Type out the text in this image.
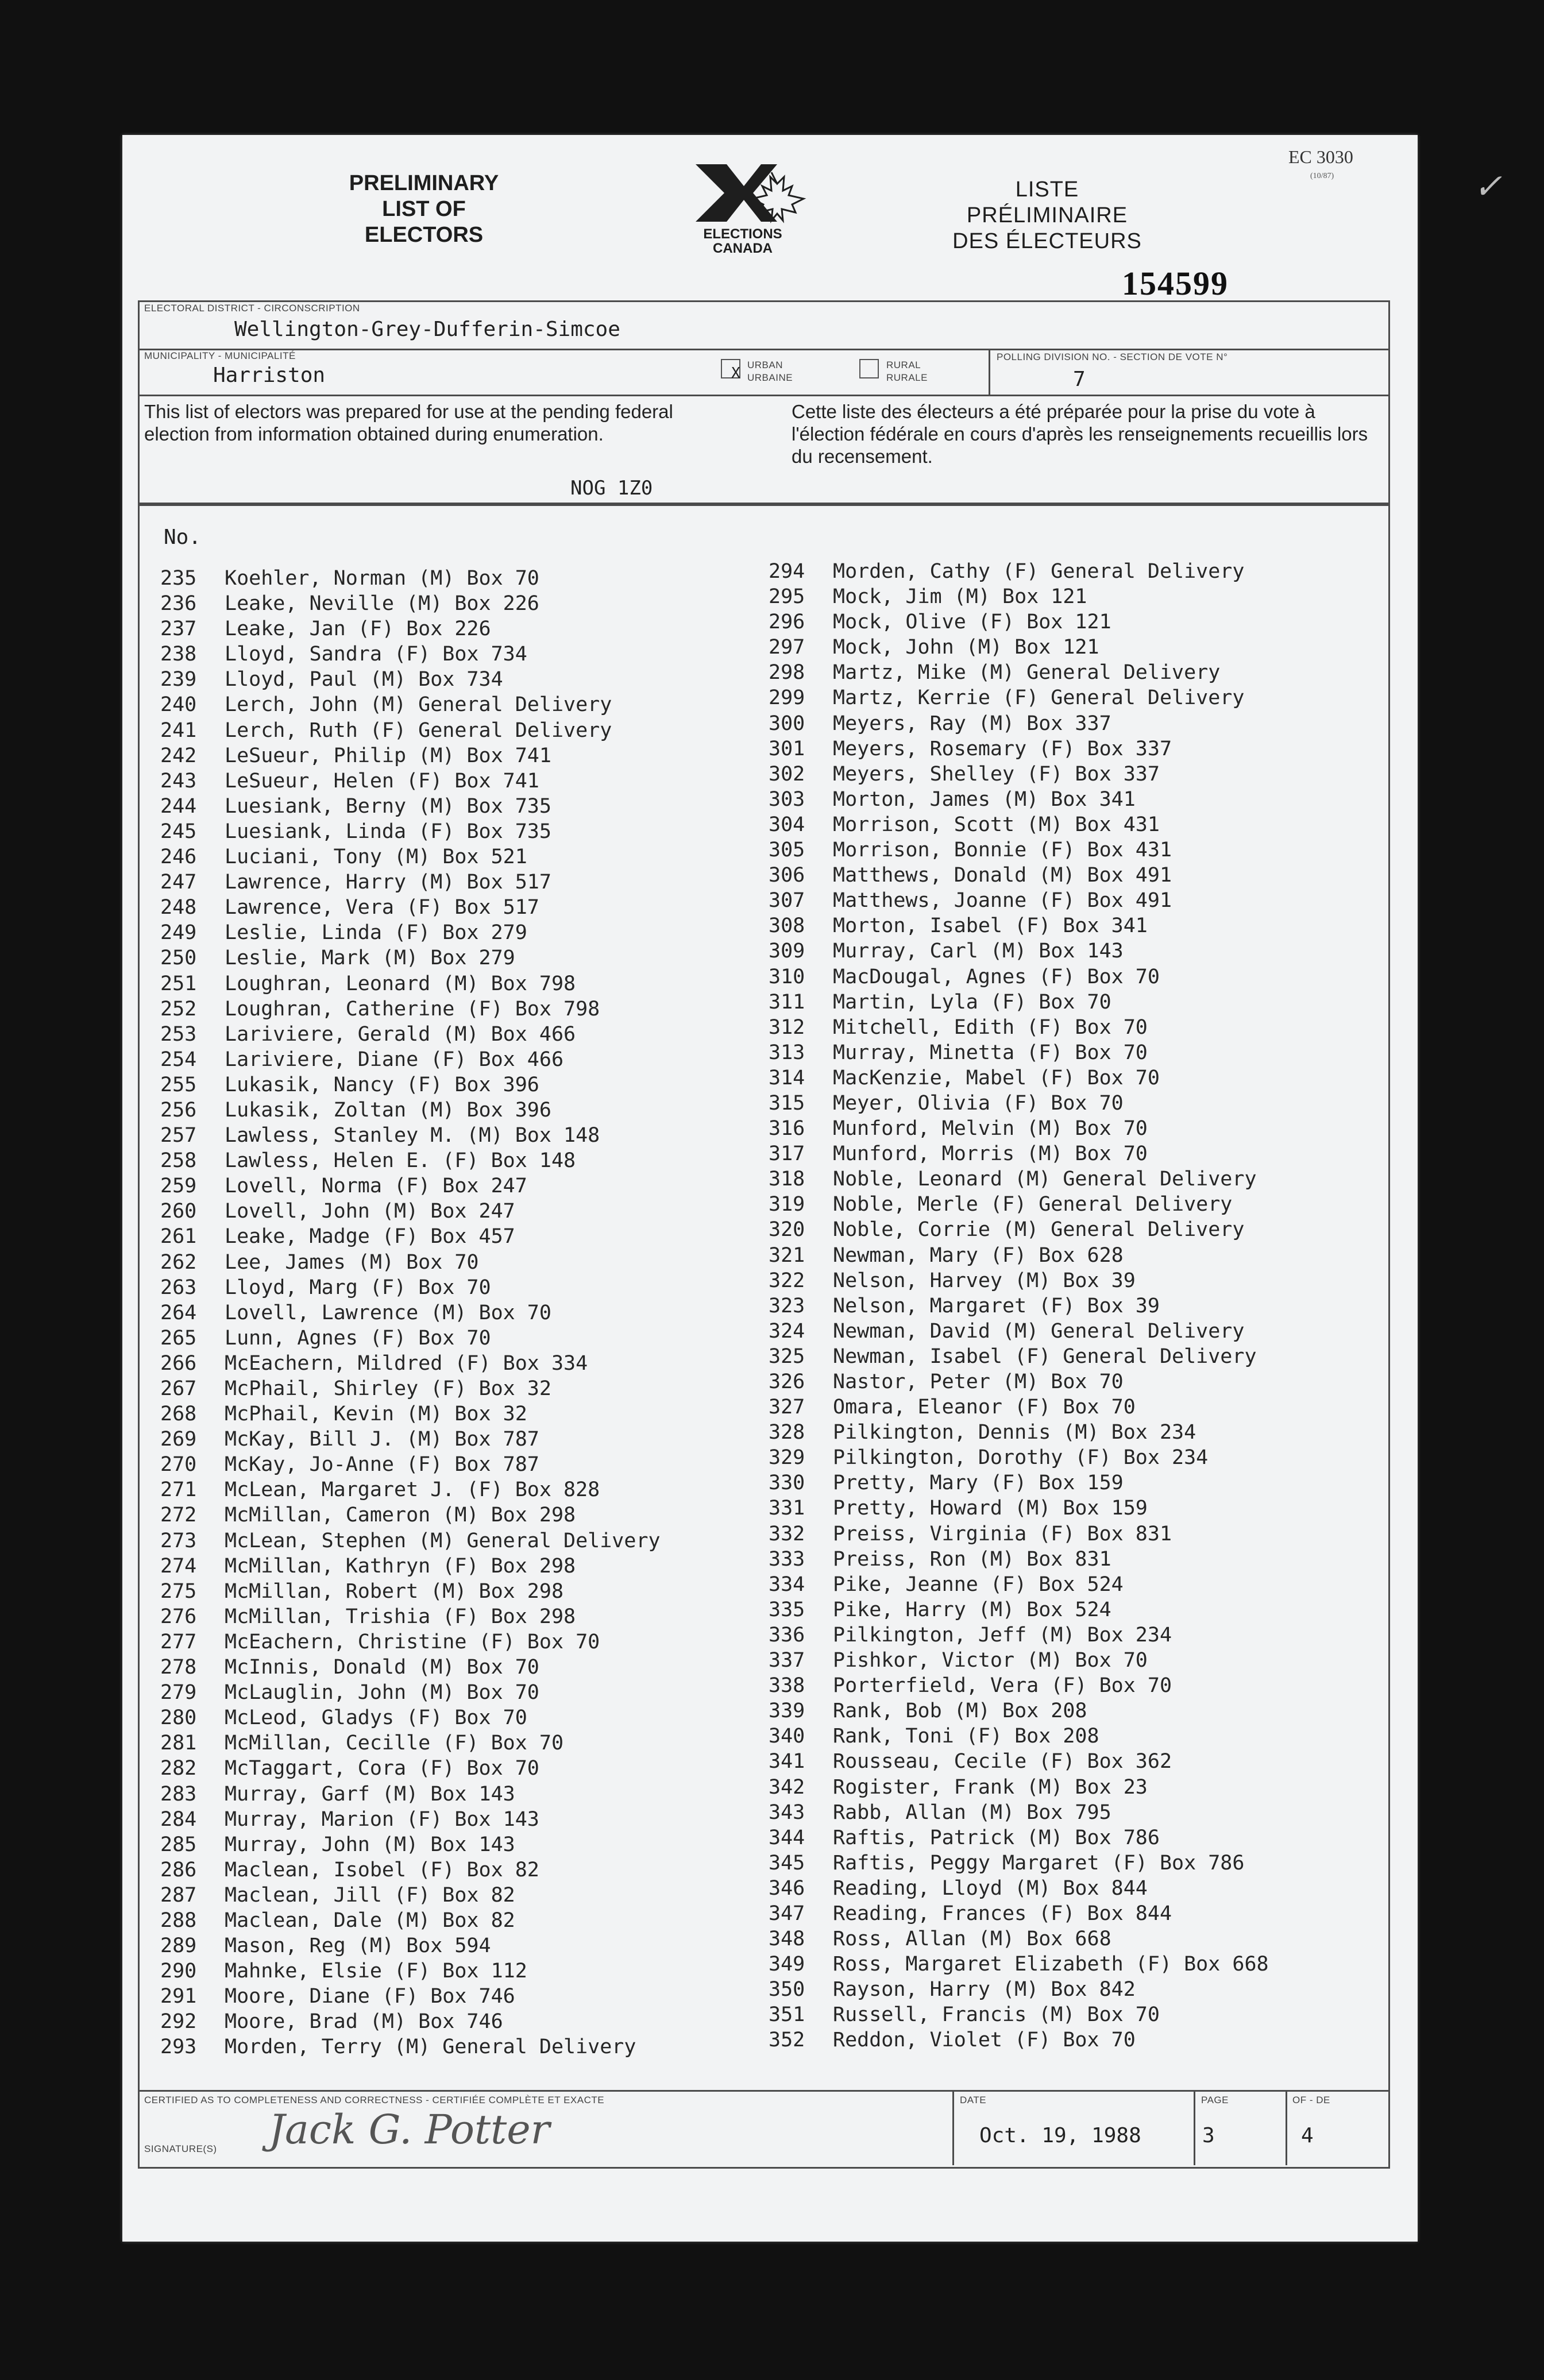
PRELIMINARY
LIST OF
ELECTORS	ELECTIONS
CANADA
LISTE
PRÉLIMINAIRE
DES ÉLECTEURS
EC 3030
(10/87)
154599
ELECTORAL DISTRICT - CIRCONSCRIPTION
Wellington-Grey-Dufferin-Simcoe
MUNICIPALITY - MUNICIPALITÉ
Harriston	X URBAN
URBAINE
RURAL
RURALE
POLLING DIVISION NO. - SECTION DE VOTE N°
7
This list of electors was prepared for use at the pending federal election from information obtained during enumeration.
Cette liste des électeurs a été préparée pour la prise du vote à l'élection fédérale en cours d'après les renseignements recueillis lors du recensement.
NOG 1Z0
No.
235 Koehler, Norman (M) Box 70
236 Leake, Neville (M) Box 226
237 Leake, Jan (F) Box 226
238 Lloyd, Sandra (F) Box 734
239 Lloyd, Paul (M) Box 734
240 Lerch, John (M) General Delivery
241 Lerch, Ruth (F) General Delivery
242 LeSueur, Philip (M) Box 741
243 LeSueur, Helen (F) Box 741
244 Luesiank, Berny (M) Box 735
245 Luesiank, Linda (F) Box 735
246 Luciani, Tony (M) Box 521
247 Lawrence, Harry (M) Box 517
248 Lawrence, Vera (F) Box 517
249 Leslie, Linda (F) Box 279
250 Leslie, Mark (M) Box 279
251 Loughran, Leonard (M) Box 798
252 Loughran, Catherine (F) Box 798
253 Lariviere, Gerald (M) Box 466
254 Lariviere, Diane (F) Box 466
255 Lukasik, Nancy (F) Box 396
256 Lukasik, Zoltan (M) Box 396
257 Lawless, Stanley M. (M) Box 148
258 Lawless, Helen E. (F) Box 148
259 Lovell, Norma (F) Box 247
260 Lovell, John (M) Box 247
261 Leake, Madge (F) Box 457
262 Lee, James (M) Box 70
263 Lloyd, Marg (F) Box 70
264 Lovell, Lawrence (M) Box 70
265 Lunn, Agnes (F) Box 70
266 McEachern, Mildred (F) Box 334
267 McPhail, Shirley (F) Box 32
268 McPhail, Kevin (M) Box 32
269 McKay, Bill J. (M) Box 787
270 McKay, Jo-Anne (F) Box 787
271 McLean, Margaret J. (F) Box 828
272 McMillan, Cameron (M) Box 298
273 McLean, Stephen (M) General Delivery
274 McMillan, Kathryn (F) Box 298
275 McMillan, Robert (M) Box 298
276 McMillan, Trishia (F) Box 298
277 McEachern, Christine (F) Box 70
278 McInnis, Donald (M) Box 70
279 McLauglin, John (M) Box 70
280 McLeod, Gladys (F) Box 70
281 McMillan, Cecille (F) Box 70
282 McTaggart, Cora (F) Box 70
283 Murray, Garf (M) Box 143
284 Murray, Marion (F) Box 143
285 Murray, John (M) Box 143
286 Maclean, Isobel (F) Box 82
287 Maclean, Jill (F) Box 82
288 Maclean, Dale (M) Box 82
289 Mason, Reg (M) Box 594
290 Mahnke, Elsie (F) Box 112
291 Moore, Diane (F) Box 746
292 Moore, Brad (M) Box 746
293 Morden, Terry (M) General Delivery
294 Morden, Cathy (F) General Delivery
295 Mock, Jim (M) Box 121
296 Mock, Olive (F) Box 121
297 Mock, John (M) Box 121
298 Martz, Mike (M) General Delivery
299 Martz, Kerrie (F) General Delivery
300 Meyers, Ray (M) Box 337
301 Meyers, Rosemary (F) Box 337
302 Meyers, Shelley (F) Box 337
303 Morton, James (M) Box 341
304 Morrison, Scott (M) Box 431
305 Morrison, Bonnie (F) Box 431
306 Matthews, Donald (M) Box 491
307 Matthews, Joanne (F) Box 491
308 Morton, Isabel (F) Box 341
309 Murray, Carl (M) Box 143
310 MacDougal, Agnes (F) Box 70
311 Martin, Lyla (F) Box 70
312 Mitchell, Edith (F) Box 70
313 Murray, Minetta (F) Box 70
314 MacKenzie, Mabel (F) Box 70
315 Meyer, Olivia (F) Box 70
316 Munford, Melvin (M) Box 70
317 Munford, Morris (M) Box 70
318 Noble, Leonard (M) General Delivery
319 Noble, Merle (F) General Delivery
320 Noble, Corrie (M) General Delivery
321 Newman, Mary (F) Box 628
322 Nelson, Harvey (M) Box 39
323 Nelson, Margaret (F) Box 39
324 Newman, David (M) General Delivery
325 Newman, Isabel (F) General Delivery
326 Nastor, Peter (M) Box 70
327 Omara, Eleanor (F) Box 70
328 Pilkington, Dennis (M) Box 234
329 Pilkington, Dorothy (F) Box 234
330 Pretty, Mary (F) Box 159
331 Pretty, Howard (M) Box 159
332 Preiss, Virginia (F) Box 831
333 Preiss, Ron (M) Box 831
334 Pike, Jeanne (F) Box 524
335 Pike, Harry (M) Box 524
336 Pilkington, Jeff (M) Box 234
337 Pishkor, Victor (M) Box 70
338 Porterfield, Vera (F) Box 70
339 Rank, Bob (M) Box 208
340 Rank, Toni (F) Box 208
341 Rousseau, Cecile (F) Box 362
342 Rogister, Frank (M) Box 23
343 Rabb, Allan (M) Box 795
344 Raftis, Patrick (M) Box 786
345 Raftis, Peggy Margaret (F) Box 786
346 Reading, Lloyd (M) Box 844
347 Reading, Frances (F) Box 844
348 Ross, Allan (M) Box 668
349 Ross, Margaret Elizabeth (F) Box 668
350 Rayson, Harry (M) Box 842
351 Russell, Francis (M) Box 70
352 Reddon, Violet (F) Box 70
CERTIFIED AS TO COMPLETENESS AND CORRECTNESS - CERTIFIÉE COMPLÈTE ET EXACTE
SIGNATURE(S) Jack G. Potter
DATE
Oct. 19, 1988
PAGE
3
OF - DE
4
✓
